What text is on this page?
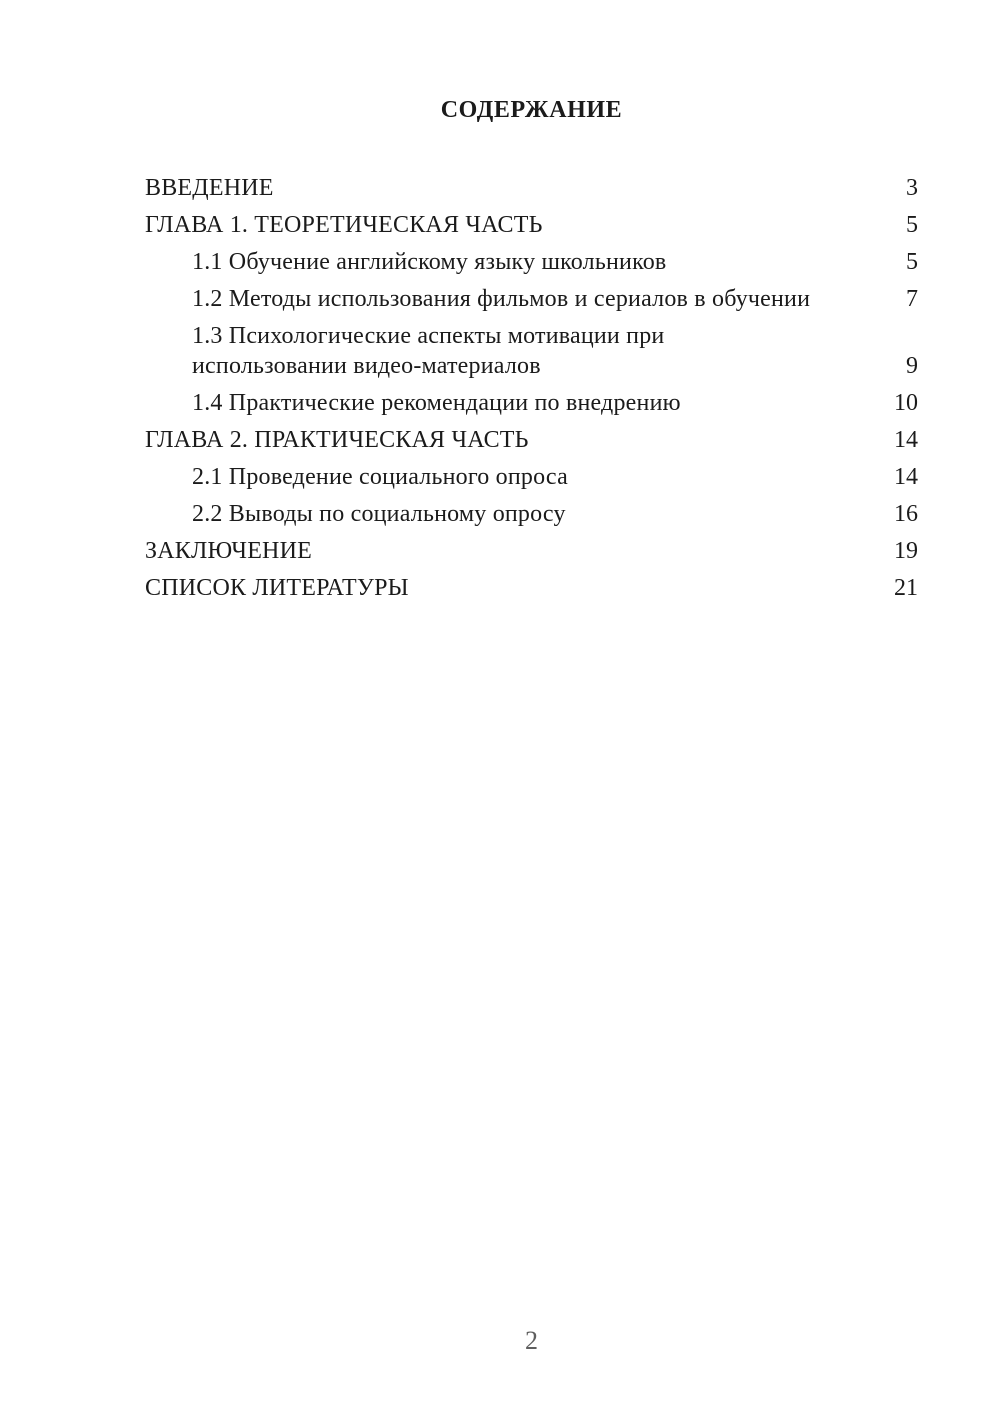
СОДЕРЖАНИЕ
ВВЕДЕНИЕ	3
ГЛАВА 1. ТЕОРЕТИЧЕСКАЯ ЧАСТЬ	5
1.1 Обучение английскому языку школьников	5
1.2 Методы использования фильмов и сериалов в обучении	7
1.3 Психологические аспекты мотивации при
использовании видео-материалов	9
1.4 Практические рекомендации по внедрению	10
ГЛАВА 2. ПРАКТИЧЕСКАЯ ЧАСТЬ	14
2.1 Проведение социального опроса	14
2.2 Выводы по социальному опросу	16
ЗАКЛЮЧЕНИЕ	19
СПИСОК ЛИТЕРАТУРЫ	21
2
